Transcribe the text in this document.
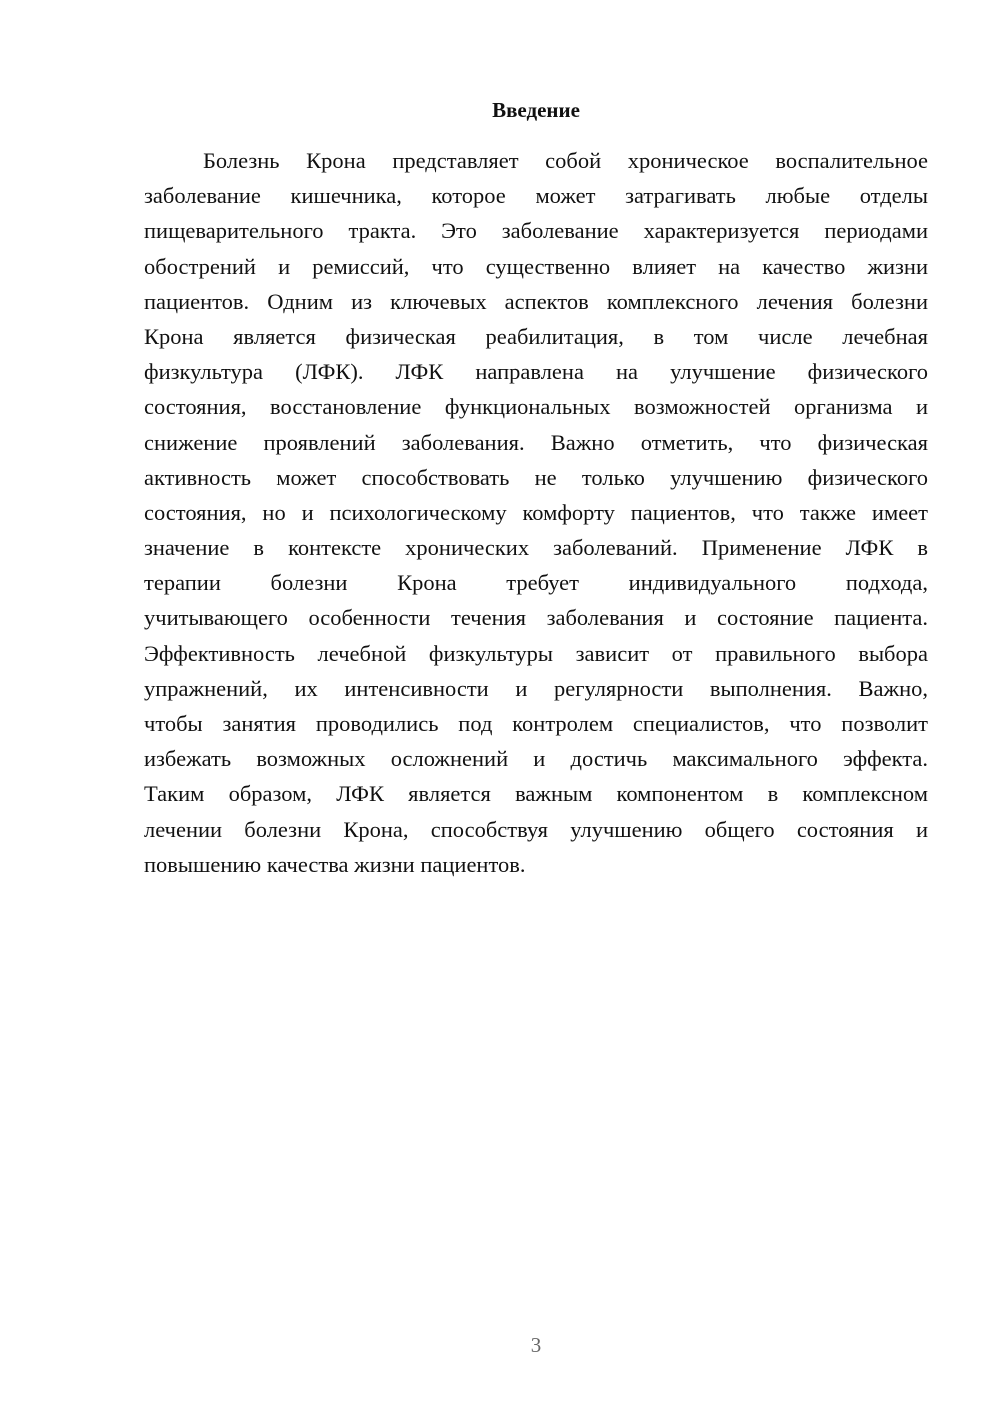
Введение
Болезнь Крона представляет собой хроническое воспалительное
заболевание кишечника, которое может затрагивать любые отделы
пищеварительного тракта. Это заболевание характеризуется периодами
обострений и ремиссий, что существенно влияет на качество жизни
пациентов. Одним из ключевых аспектов комплексного лечения болезни
Крона является физическая реабилитация, в том числе лечебная
физкультура (ЛФК). ЛФК направлена на улучшение физического
состояния, восстановление функциональных возможностей организма и
снижение проявлений заболевания. Важно отметить, что физическая
активность может способствовать не только улучшению физического
состояния, но и психологическому комфорту пациентов, что также имеет
значение в контексте хронических заболеваний. Применение ЛФК в
терапии болезни Крона требует индивидуального подхода,
учитывающего особенности течения заболевания и состояние пациента.
Эффективность лечебной физкультуры зависит от правильного выбора
упражнений, их интенсивности и регулярности выполнения. Важно,
чтобы занятия проводились под контролем специалистов, что позволит
избежать возможных осложнений и достичь максимального эффекта.
Таким образом, ЛФК является важным компонентом в комплексном
лечении болезни Крона, способствуя улучшению общего состояния и
повышению качества жизни пациентов.

3
